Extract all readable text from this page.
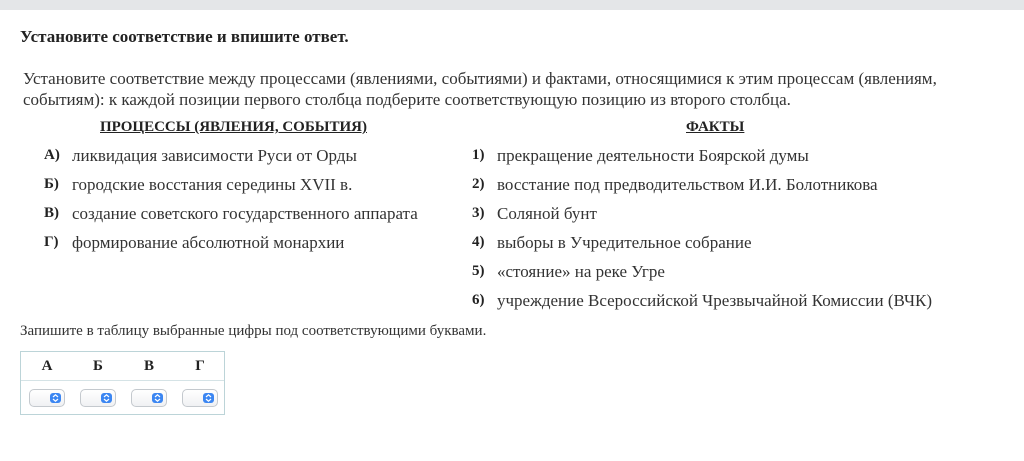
Установите соответствие и впишите ответ.
Установите соответствие между процессами (явлениями, событиями) и фактами, относящимися к этим процессам (явлениям, событиям): к каждой позиции первого столбца подберите соответствующую позицию из второго столбца.
ПРОЦЕССЫ (ЯВЛЕНИЯ, СОБЫТИЯ)	ФАКТЫ
А) ликвидация зависимости Руси от Орды
Б) городские восстания середины XVII в.
В) создание советского государственного аппарата
Г) формирование абсолютной монархии
1) прекращение деятельности Боярской думы
2) восстание под предводительством И.И. Болотникова
3) Соляной бунт
4) выборы в Учредительное собрание
5) «стояние» на реке Угре
6) учреждение Всероссийской Чрезвычайной Комиссии (ВЧК)
Запишите в таблицу выбранные цифры под соответствующими буквами.
А	Б	В	Г
